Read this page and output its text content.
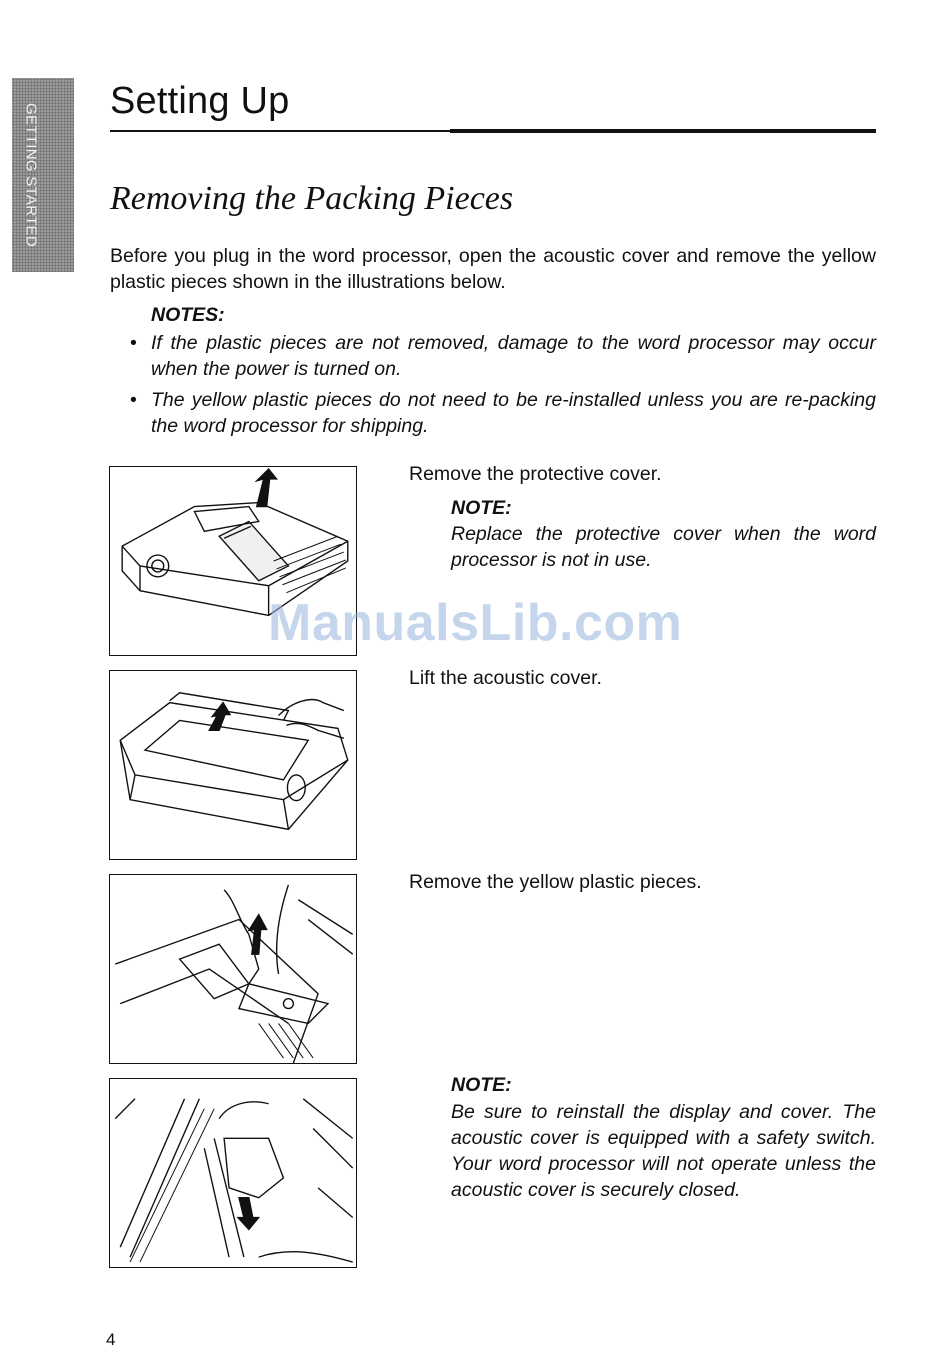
GETTING STARTED
Setting Up
Removing the Packing Pieces

Before you plug in the word processor, open the acoustic cover and remove the yellow plastic pieces shown in the illustrations below.

NOTES:
• If the plastic pieces are not removed, damage to the word processor may occur when the power is turned on.
• The yellow plastic pieces do not need to be re-installed unless you are re-packing the word processor for shipping.
Remove the protective cover.
NOTE:

Replace the protective cover when the word processor is not in use.

ManualsLib.com
Lift the acoustic cover.
Remove the yellow plastic pieces.
NOTE:

Be sure to reinstall the display and cover. The acoustic cover is equipped with a safety switch. Your word processor will not operate unless the acoustic cover is securely closed.

4
